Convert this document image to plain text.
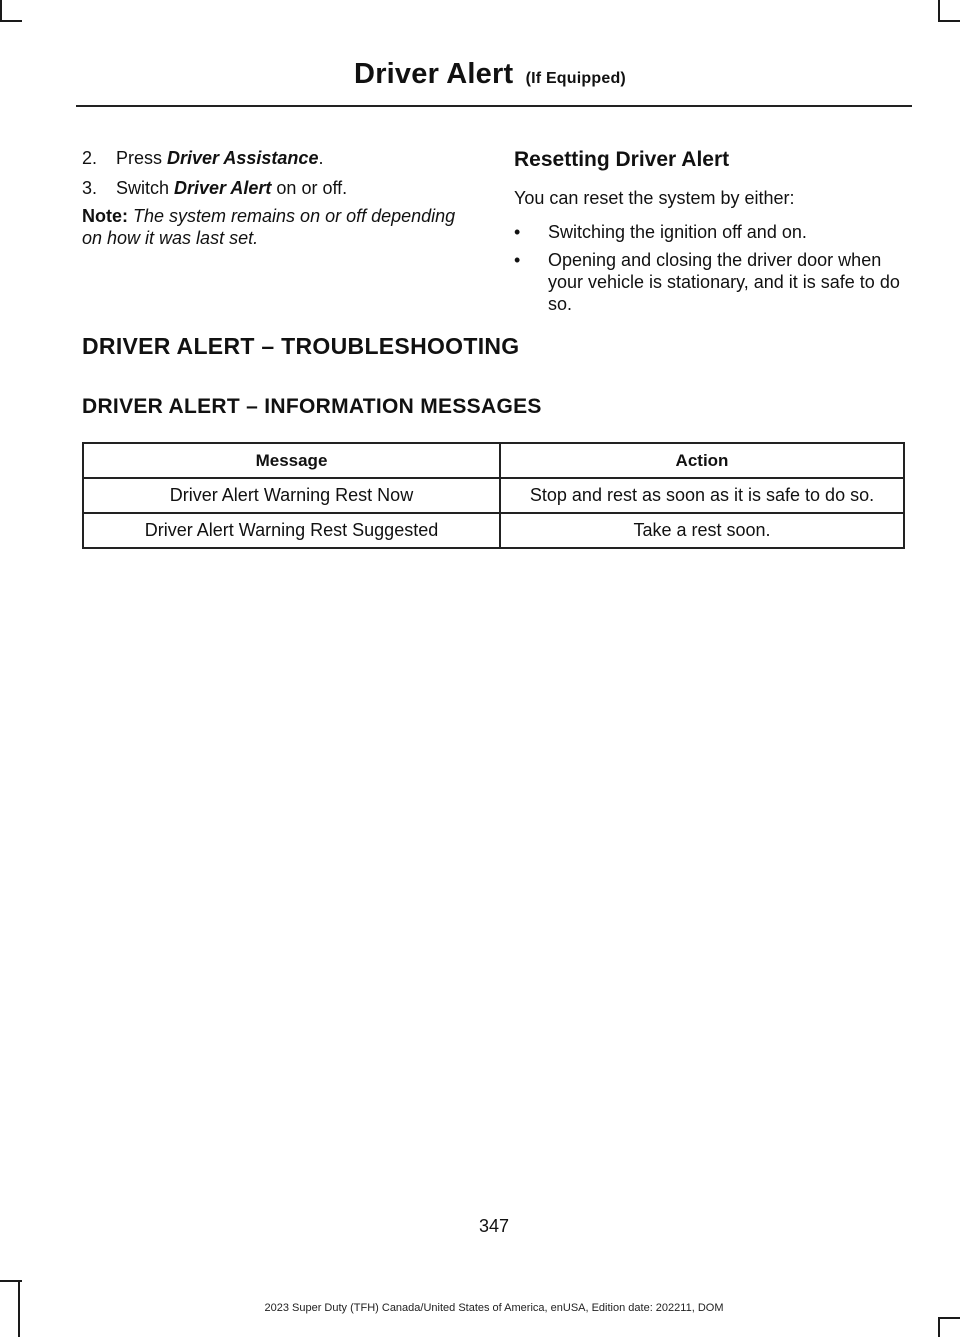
Driver Alert (If Equipped)
2. Press Driver Assistance.
3. Switch Driver Alert on or off.
Note: The system remains on or off depending on how it was last set.
Resetting Driver Alert
You can reset the system by either:
• Switching the ignition off and on.
• Opening and closing the driver door when your vehicle is stationary, and it is safe to do so.
DRIVER ALERT – TROUBLESHOOTING
DRIVER ALERT – INFORMATION MESSAGES
Message	Action
Driver Alert Warning Rest Now	Stop and rest as soon as it is safe to do so.
Driver Alert Warning Rest Suggested	Take a rest soon.
347
2023 Super Duty (TFH) Canada/United States of America, enUSA, Edition date: 202211, DOM
